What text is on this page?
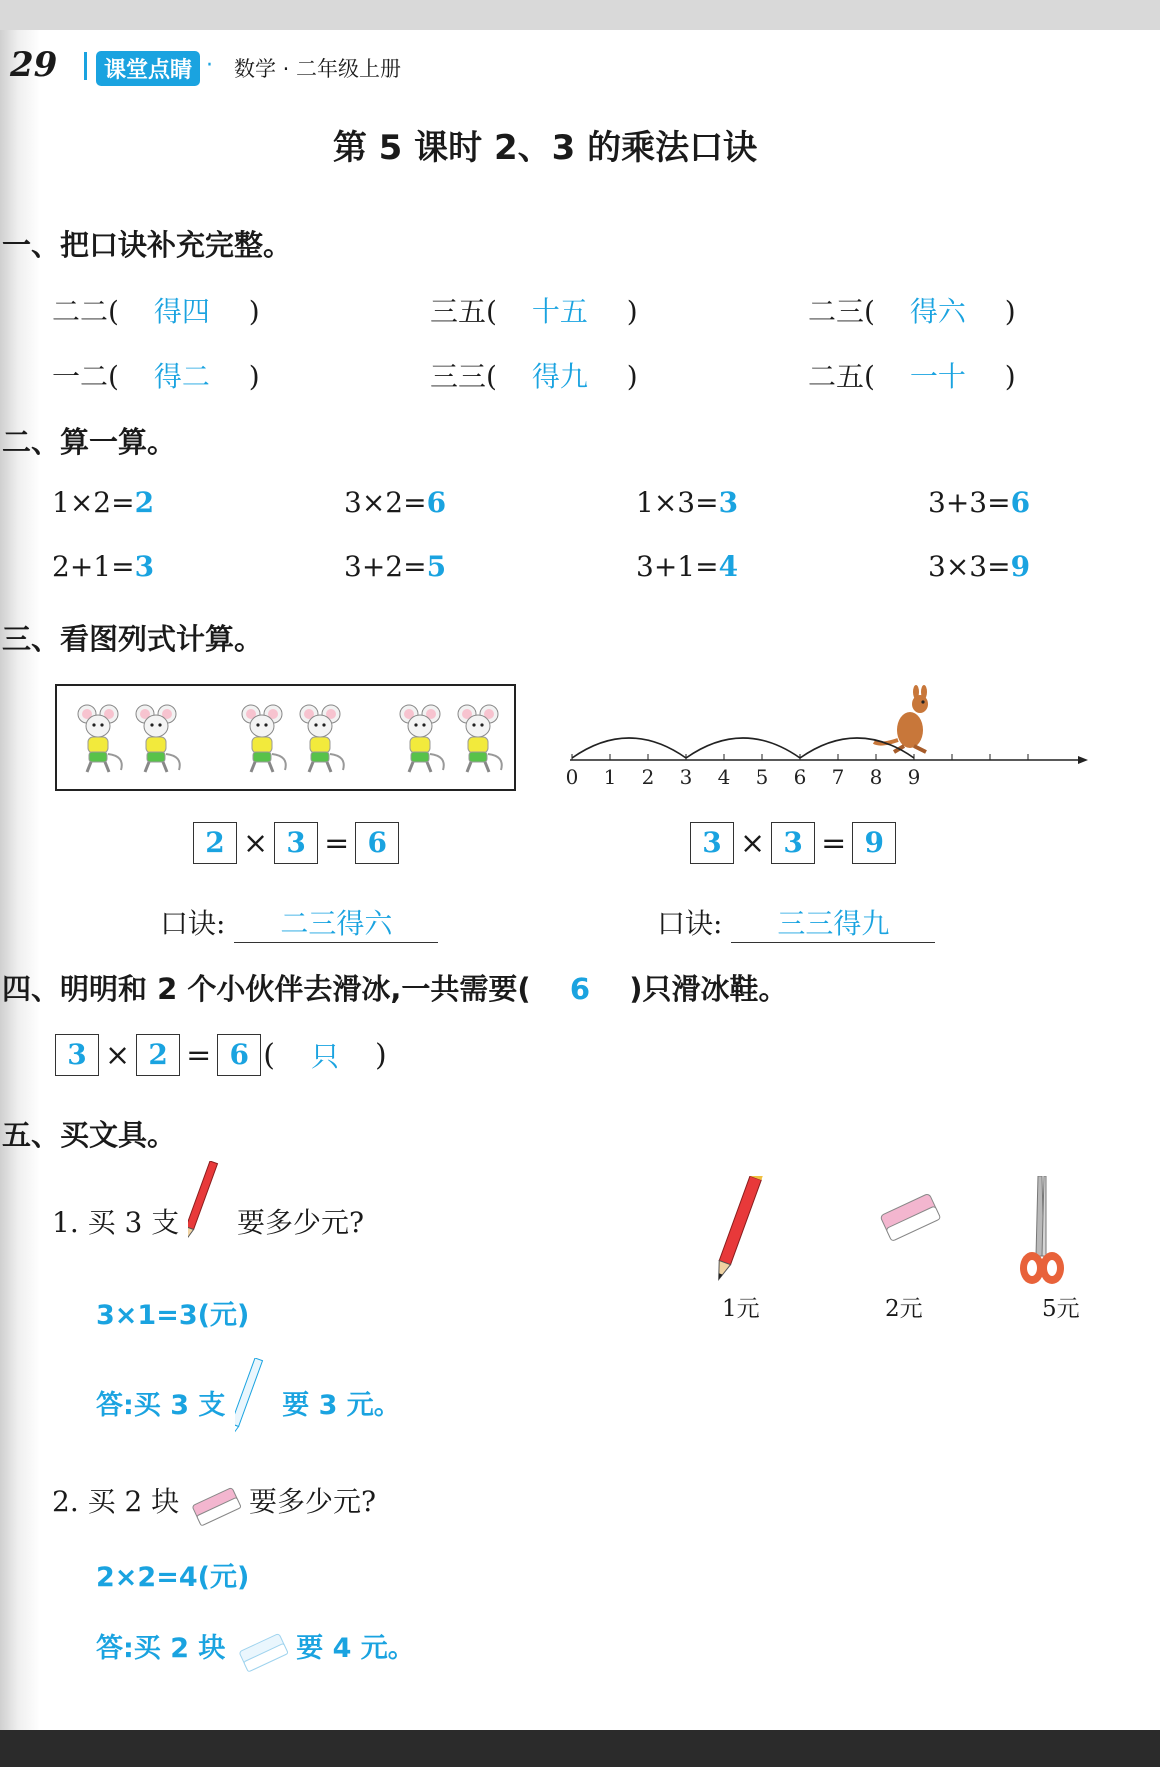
29	课堂点睛 · 数学 · 二年级上册
第 5 课时 2、3 的乘法口诀
一、把口诀补充完整。
二二( 得四 )	三五( 十五 )	二三( 得六 )
一二( 得二 )	三三( 得九 )	二五( 一十 )
二、算一算。
1×2=2	3×2=6	1×3=3	3+3=6
2+1=3	3+2=5	3+1=4	3×3=9
三、看图列式计算。
0 1 2 3 4 5 6 7 8 9
2 × 3 = 6	3 × 3 = 9
口诀: 二三得六	口诀: 三三得九
四、明明和 2 个小伙伴去滑冰,一共需要( 6 )只滑冰鞋。
3 × 2 = 6 ( 只 )
五、买文具。
1元	2元	5元
1. 买 3 支 要多少元?
3×1=3(元)
答:买 3 支 要 3 元。
2. 买 2 块 要多少元?
2×2=4(元)
答:买 2 块	要 4 元。
